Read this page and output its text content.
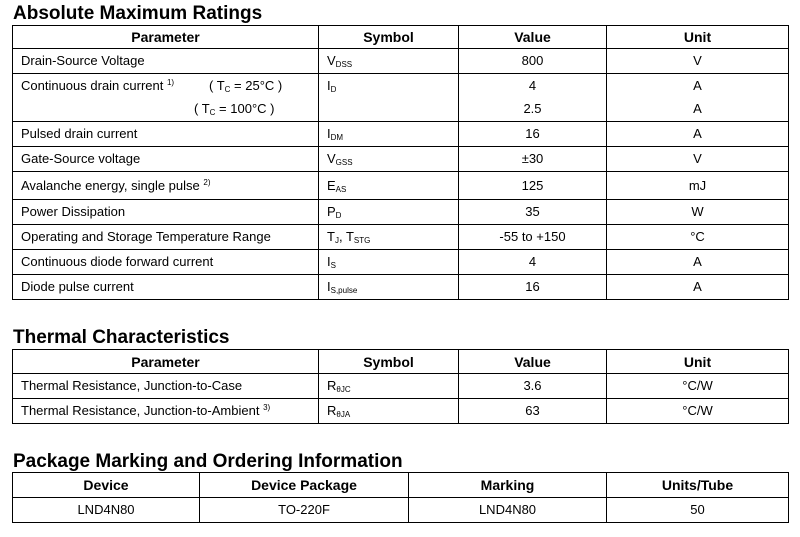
Absolute Maximum Ratings
Parameter	Symbol	Value	Unit
Drain-Source Voltage	$V_{DSS}$	800	V
Continuous drain current $^{1)}$ ( $T_C = 25^\circ C$ )	$I_D$	4	A

( $T_C = 100^\circ C$ )		2.5	A
Pulsed drain current	$I_{DM}$	16	A
Gate-Source voltage	$V_{GSS}$	±30	V
Avalanche energy, single pulse $^{2)}$	$E_{AS}$	125	mJ
Power Dissipation	$P_D$	35	W
Operating and Storage Temperature Range	$T_J$, $T_{STG}$	-55 to +150	°C
Continuous diode forward current	$I_S$	4	A
Diode pulse current	$I_{S,pulse}$	16	A
Thermal Characteristics
Parameter	Symbol	Value	Unit
Thermal Resistance, Junction-to-Case	$R_{\theta JC}$	3.6	°C/W
Thermal Resistance, Junction-to-Ambient $^{3)}$	$R_{\theta JA}$	63	°C/W
Package Marking and Ordering Information
Device	Device Package	Marking	Units/Tube
LND4N80	TO-220F	LND4N80	50
